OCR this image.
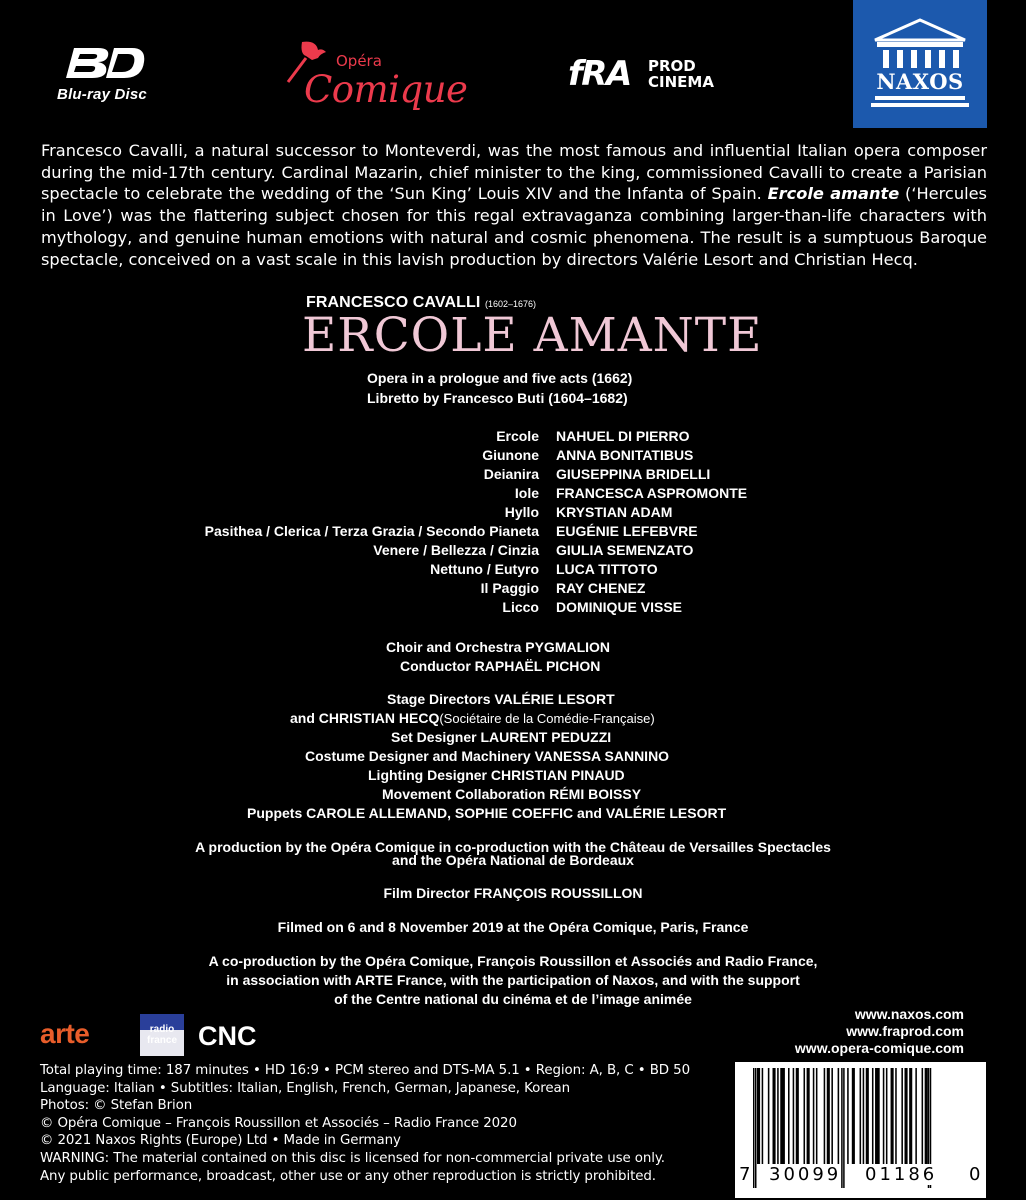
Blu-ray Disc
Opéra
Comique	fRA PROD
CINEMA	NAXOS

Francesco Cavalli, a natural successor to Monteverdi, was the most famous and influential Italian opera composer during the mid-17th century. Cardinal Mazarin, chief minister to the king, commissioned Cavalli to create a Parisian spectacle to celebrate the wedding of the ‘Sun King’ Louis XIV and the Infanta of Spain. Ercole amante (‘Hercules in Love’) was the flattering subject chosen for this regal extravaganza combining larger-than-life characters with mythology, and genuine human emotions with natural and cosmic phenomena. The result is a sumptuous Baroque spectacle, conceived on a vast scale in this lavish production by directors Valérie Lesort and Christian Hecq.

FRANCESCO CAVALLI (1602–1676)
ERCOLE AMANTE
Opera in a prologue and five acts (1662)
Libretto by Francesco Buti (1604–1682)
Ercole NAHUEL DI PIERRO
Giunone ANNA BONITATIBUS
Deianira GIUSEPPINA BRIDELLI
Iole FRANCESCA ASPROMONTE
Hyllo KRYSTIAN ADAM
Pasithea / Clerica / Terza Grazia / Secondo Pianeta EUGÉNIE LEFEBVRE
Venere / Bellezza / Cinzia GIULIA SEMENZATO
Nettuno / Eutyro LUCA TITTOTO
Il Paggio RAY CHENEZ
Licco DOMINIQUE VISSE
Choir and Orchestra PYGMALION
Conductor RAPHAËL PICHON
Stage Directors VALÉRIE LESORT
and CHRISTIAN HECQ(Sociétaire de la Comédie-Française)
Set Designer LAURENT PEDUZZI
Costume Designer and Machinery VANESSA SANNINO
Lighting Designer CHRISTIAN PINAUD
Movement Collaboration RÉMI BOISSY
Puppets CAROLE ALLEMAND, SOPHIE COEFFIC and VALÉRIE LESORT
A production by the Opéra Comique in co-production with the Château de Versailles Spectacles
and the Opéra National de Bordeaux
Film Director FRANÇOIS ROUSSILLON
Filmed on 6 and 8 November 2019 at the Opéra Comique, Paris, France
A co-production by the Opéra Comique, François Roussillon et Associés and Radio France,
in association with ARTE France, with the participation of Naxos, and with the support
of the Centre national du cinéma et de l’image animée
arte	radio
france CNC
www.naxos.com
www.fraprod.com
www.opera-comique.com
Total playing time: 187 minutes • HD 16:9 • PCM stereo and DTS-MA 5.1 • Region: A, B, C • BD 50
Language: Italian • Subtitles: Italian, English, French, German, Japanese, Korean
Photos: © Stefan Brion
© Opéra Comique – François Roussillon et Associés – Radio France 2020
© 2021 Naxos Rights (Europe) Ltd • Made in Germany
WARNING: The material contained on this disc is licensed for non-commercial private use only.
Any public performance, broadcast, other use or any other reproduction is strictly prohibited.	7 30099 01186 0
